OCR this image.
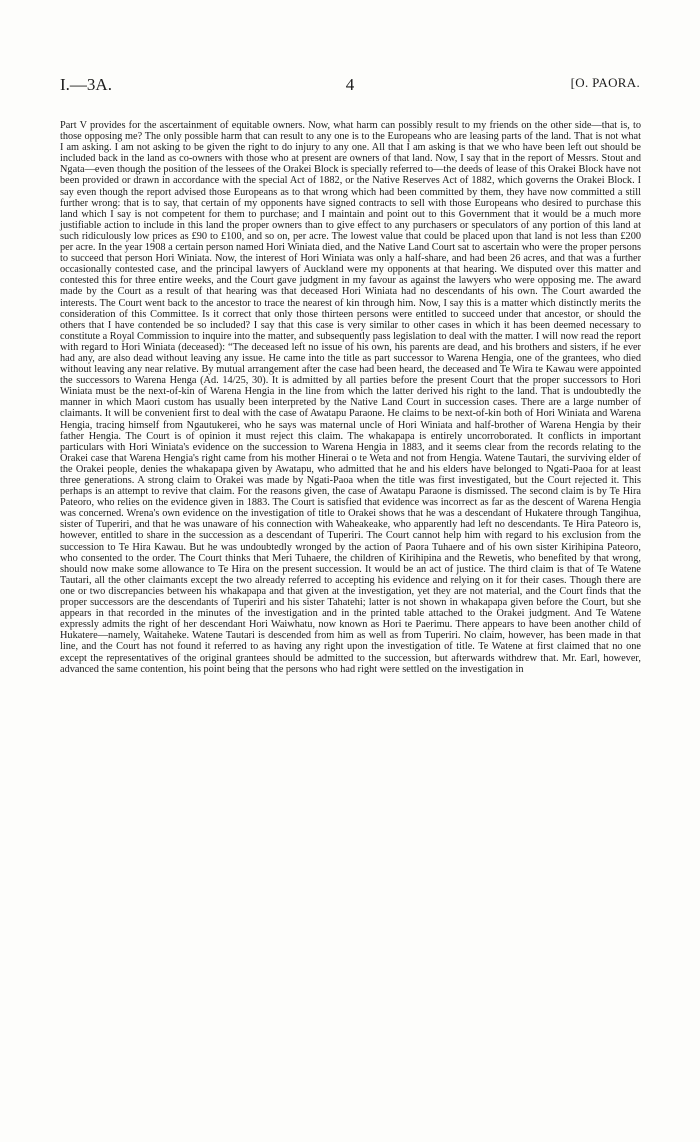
I.—3A.	4	[O. PAORA.

Part V provides for the ascertainment of equitable owners. Now, what harm can possibly result to my friends on the other side—that is, to those opposing me? The only possible harm that can result to any one is to the Europeans who are leasing parts of the land. That is not what I am asking. I am not asking to be given the right to do injury to any one. All that I am asking is that we who have been left out should be included back in the land as co-owners with those who at present are owners of that land. Now, I say that in the report of Messrs. Stout and Ngata—even though the position of the lessees of the Orakei Block is specially referred to—the deeds of lease of this Orakei Block have not been provided or drawn in accordance with the special Act of 1882, or the Native Reserves Act of 1882, which governs the Orakei Block. I say even though the report advised those Europeans as to that wrong which had been committed by them, they have now committed a still further wrong: that is to say, that certain of my opponents have signed contracts to sell with those Europeans who desired to purchase this land which I say is not competent for them to purchase; and I maintain and point out to this Government that it would be a much more justifiable action to include in this land the proper owners than to give effect to any purchasers or speculators of any portion of this land at such ridiculously low prices as £90 to £100, and so on, per acre. The lowest value that could be placed upon that land is not less than £200 per acre. In the year 1908 a certain person named Hori Winiata died, and the Native Land Court sat to ascertain who were the proper persons to succeed that person Hori Winiata. Now, the interest of Hori Winiata was only a half-share, and had been 26 acres, and that was a further occasionally contested case, and the principal lawyers of Auckland were my opponents at that hearing. We disputed over this matter and contested this for three entire weeks, and the Court gave judgment in my favour as against the lawyers who were opposing me. The award made by the Court as a result of that hearing was that deceased Hori Winiata had no descendants of his own. The Court awarded the interests. The Court went back to the ancestor to trace the nearest of kin through him. Now, I say this is a matter which distinctly merits the consideration of this Committee. Is it correct that only those thirteen persons were entitled to succeed under that ancestor, or should the others that I have contended be so included? I say that this case is very similar to other cases in which it has been deemed necessary to constitute a Royal Commission to inquire into the matter, and subsequently pass legislation to deal with the matter. I will now read the report with regard to Hori Winiata (deceased): “The deceased left no issue of his own, his parents are dead, and his brothers and sisters, if he ever had any, are also dead without leaving any issue. He came into the title as part successor to Warena Hengia, one of the grantees, who died without leaving any near relative. By mutual arrangement after the case had been heard, the deceased and Te Wira te Kawau were appointed the successors to Warena Henga (Ad. 14/25, 30). It is admitted by all parties before the present Court that the proper successors to Hori Winiata must be the next-of-kin of Warena Hengia in the line from which the latter derived his right to the land. That is undoubtedly the manner in which Maori custom has usually been interpreted by the Native Land Court in succession cases. There are a large number of claimants. It will be convenient first to deal with the case of Awatapu Paraone. He claims to be next-of-kin both of Hori Winiata and Warena Hengia, tracing himself from Ngautukerei, who he says was maternal uncle of Hori Winiata and half-brother of Warena Hengia by their father Hengia. The Court is of opinion it must reject this claim. The whakapapa is entirely uncorroborated. It conflicts in important particulars with Hori Winiata's evidence on the succession to Warena Hengia in 1883, and it seems clear from the records relating to the Orakei case that Warena Hengia's right came from his mother Hinerai o te Weta and not from Hengia. Watene Tautari, the surviving elder of the Orakei people, denies the whakapapa given by Awatapu, who admitted that he and his elders have belonged to Ngati-Paoa for at least three generations. A strong claim to Orakei was made by Ngati-Paoa when the title was first investigated, but the Court rejected it. This perhaps is an attempt to revive that claim. For the reasons given, the case of Awatapu Paraone is dismissed. The second claim is by Te Hira Pateoro, who relies on the evidence given in 1883. The Court is satisfied that evidence was incorrect as far as the descent of Warena Hengia was concerned. Wrena's own evidence on the investigation of title to Orakei shows that he was a descendant of Hukatere through Tangihua, sister of Tuperiri, and that he was unaware of his connection with Waheakeake, who apparently had left no descendants. Te Hira Pateoro is, however, entitled to share in the succession as a descendant of Tuperiri. The Court cannot help him with regard to his exclusion from the succession to Te Hira Kawau. But he was undoubtedly wronged by the action of Paora Tuhaere and of his own sister Kirihipina Pateoro, who consented to the order. The Court thinks that Meri Tuhaere, the children of Kirihipina and the Rewetis, who benefited by that wrong, should now make some allowance to Te Hira on the present succession. It would be an act of justice. The third claim is that of Te Watene Tautari, all the other claimants except the two already referred to accepting his evidence and relying on it for their cases. Though there are one or two discrepancies between his whakapapa and that given at the investigation, yet they are not material, and the Court finds that the proper successors are the descendants of Tuperiri and his sister Tahatehi; latter is not shown in whakapapa given before the Court, but she appears in that recorded in the minutes of the investigation and in the printed table attached to the Orakei judgment. And Te Watene expressly admits the right of her descendant Hori Waiwhatu, now known as Hori te Paerimu. There appears to have been another child of Hukatere—namely, Waitaheke. Watene Tautari is descended from him as well as from Tuperiri. No claim, however, has been made in that line, and the Court has not found it referred to as having any right upon the investigation of title. Te Watene at first claimed that no one except the representatives of the original grantees should be admitted to the succession, but afterwards withdrew that. Mr. Earl, however, advanced the same contention, his point being that the persons who had right were settled on the investigation in
